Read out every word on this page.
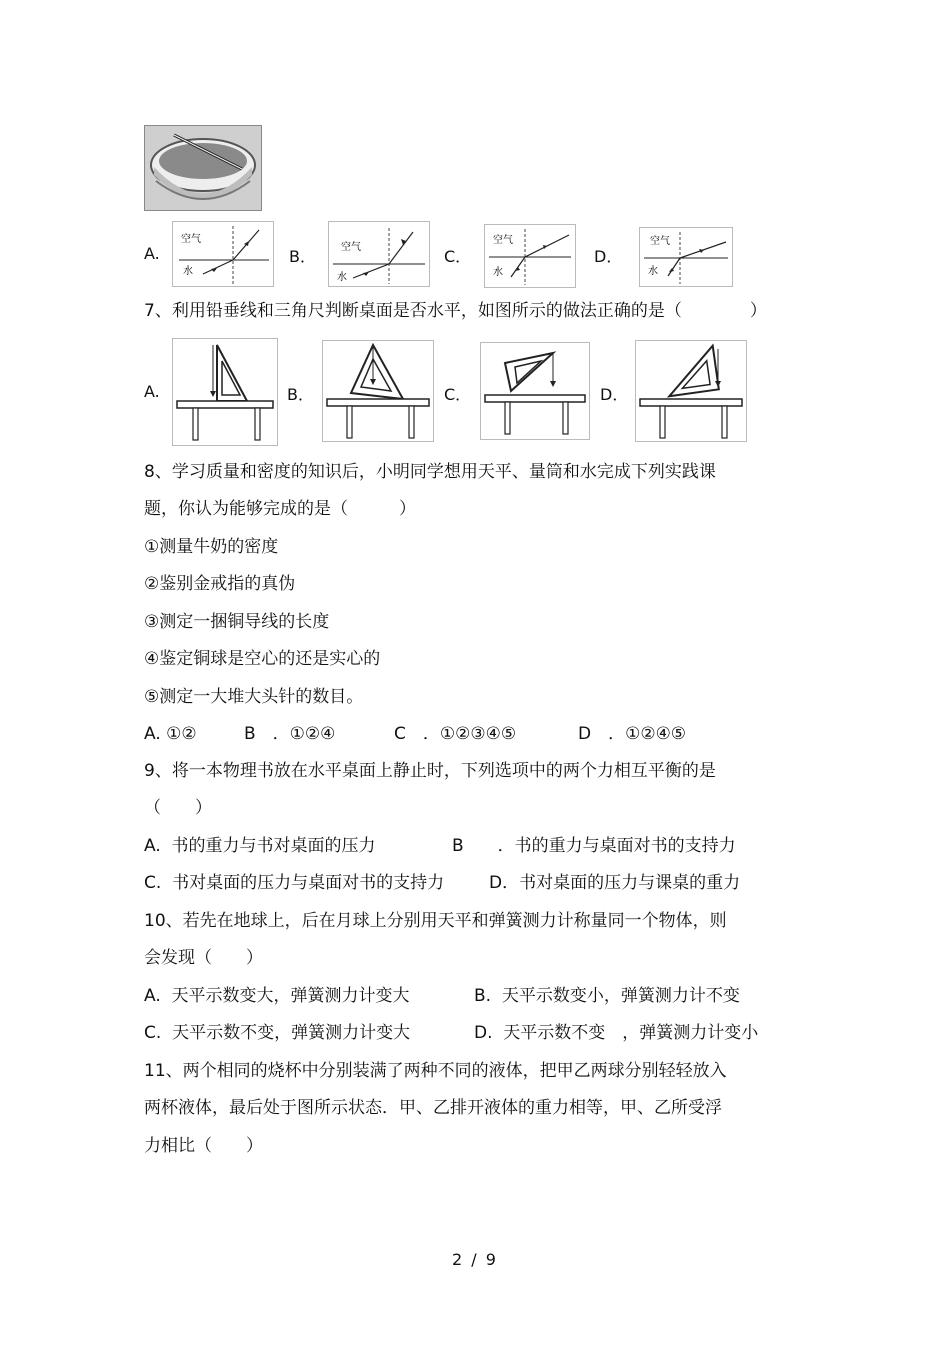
A.
空气
水
B．	空气
水
C．
空气
水
D．
空气
水
7、利用铅垂线和三角尺判断桌面是否水平，如图所示的做法正确的是（　　　　）
A.	B．	C．	D．
8、学习质量和密度的知识后，小明同学想用天平、量筒和水完成下列实践课
题，你认为能够完成的是（　　　）
①测量牛奶的密度
②鉴别金戒指的真伪
③测定一捆铜导线的长度
④鉴定铜球是空心的还是实心的
⑤测定一大堆大头针的数目。
A. ①②	B　．①②④	C　．①②③④⑤	D　．①②④⑤
9、将一本物理书放在水平桌面上静止时，下列选项中的两个力相互平衡的是
（　　）
A.  书的重力与书对桌面的压力	B　　．书的重力与桌面对书的支持力
C.  书对桌面的压力与桌面对书的支持力	D．书对桌面的压力与课桌的重力
10、若先在地球上，后在月球上分别用天平和弹簧测力计称量同一个物体，则
会发现（　　）
A.  天平示数变大，弹簧测力计变大	B.  天平示数变小，弹簧测力计不变
C.  天平示数不变，弹簧测力计变大	D.  天平示数不变　，弹簧测力计变小
11、两个相同的烧杯中分别装满了两种不同的液体，把甲乙两球分别轻轻放入
两杯液体，最后处于图所示状态．甲、乙排开液体的重力相等，甲、乙所受浮
力相比（　　）
2 / 9
